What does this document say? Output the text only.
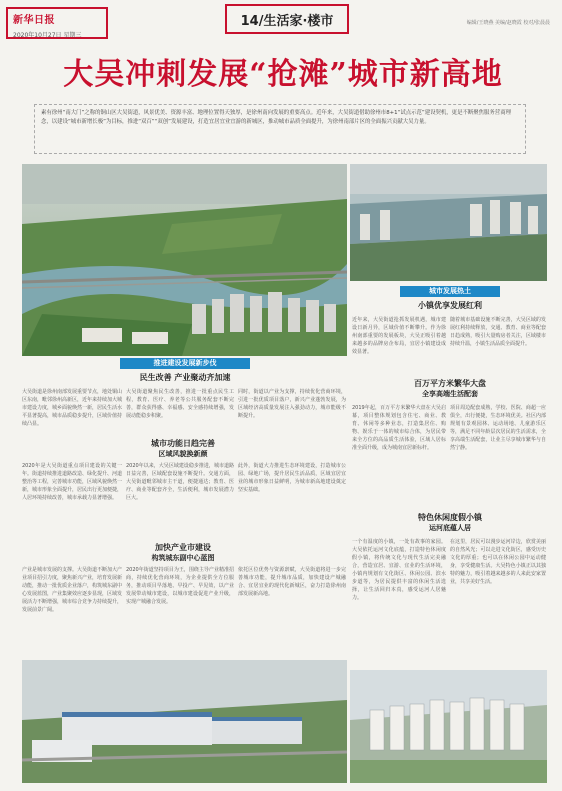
新华日报
2020年10月27日 星期三
14/生活家·楼市	编辑/王晓燕 美编/赵晓霞 校对/张晨晨
大吴冲刺发展“抢滩”城市新高地
素有徐州“南大门”之称的铜山区大吴街道，风景优美、资源丰富、地理位置得天独厚，是徐州南向发展的重要高点。近年来，大吴街道借助徐州市8+1“试点示范”建设契机，更是不断聚焦服务营商理念，以建设“城市新增长极”为目标，推进“双百”“双创”发展建设，打造宜居宜业宜游的新城区，推动城市品质全面提升，为徐州南部片区的全面振兴贡献大吴力量。
推进建设发展新步伐
民生改善 产业聚动齐加速
大吴街道是徐州南部发展重要节点，地处铜山区东南，毗邻徐州高新区，近年来持续加大城市建设力度，城乡面貌焕然一新，居民生活水平显著提高，城市品质稳步提升，区域价值持续凸显。
大吴街道聚焦民生改善，推进一批重点民生工程，教育、医疗、养老等公共服务配套不断完善，群众获得感、幸福感、安全感持续增强，发展动能稳步积聚。
同时，街道以产业为支撑，持续优化营商环境，引进一批优质项目落户，新兴产业蓬勃发展，为区域经济高质量发展注入强劲动力，城市能级不断提升。
城市功能日趋完善
区域风貌换新颜
2020年是大吴街道重点项目建设的关键一年。街道持续推进道路改造、绿化提升、河道整治等工程，完善城市功能，区域风貌焕然一新，城市形象全面提升，居民出行更加便捷，人居环境持续改善，城市承载力显著增强。
2020年以来，大吴区域建设稳步推进，城市道路日益完善，区域配套设施不断提升。交通方面，大吴街道毗邻城市主干道，便捷通达；教育、医疗、商业等配套齐全，生活便利，城市发展潜力巨大。
此外，街道大力推进生态环境建设，打造城市公园、绿地广场，提升居民生活品质，区域宜居宜业的城市形象日益鲜明，为城市新高地建设奠定坚实基础。
加快产业市建设
构筑城东副中心蓝图
产业是城市发展的支撑。大吴街道不断加大产业项目招引力度，聚焦新兴产业，培育发展新动能，推动一批优质企业落户，构筑城东副中心发展蓝图，产业集聚效应逐步显现，区域发展活力不断增强，城市综合竞争力持续提升，发展前景广阔。
2020年街道坚持项目为王，围绕主导产业精准招商，持续优化营商环境，为企业提供全方位服务，推动项目早落地、早投产、早见效，以产业发展带动城市建设，以城市建设促进产业升级，实现产城融合发展。
依托区位优势与资源禀赋，大吴街道将进一步完善城市功能，提升城市品质，加快建设产城融合、宜居宜业的现代化新城区，奋力打造徐州南部发展新高地。
城市发展热土
小镇优享发展红利
近年来，大吴街道抢抓发展机遇，城市建设日新月异，区域价值不断攀升。作为徐州南部重要的发展板块，大吴正吸引着越来越多的品牌房企布局，宜居小镇建设成效显著。
随着城市基础设施不断完善，大吴区域的发展红利持续释放，交通、教育、商业等配套日趋成熟，吸引大量购房者关注，区域楼市持续升温，小镇生活品质全面提升。
百万平方米繁华大盘
全享高端生活配套
2019年起，百万平方米繁华大盘在大吴启幕，项目整体规划包含住宅、商业、教育、休闲等多种业态，打造集居住、购物、娱乐于一体的城市综合体，为居民带来全方位的高品质生活体验，区域人居标准全面升级，成为城南宜居新标杆。
项目周边配套成熟，学校、医院、商超一应俱全，出行便捷，生态环境优美。社区内部规划有景观园林、运动场地、儿童游乐区等，满足不同年龄层次居民的生活需求，全享高端生活配套，让业主尽享城市繁华与自然宁静。
特色休闲度假小镇
运河底蕴人居
一个有温度的小镇，一处有故事的家园。大吴依托运河文化底蕴，打造特色休闲度假小镇，将传统文化与现代生活完美融合，营造宜居、宜游、宜业的生活环境，小镇内规划有文化街区、休闲公园、滨水步道等，为居民提供丰富的休闲生活选择，让生活回归本真，感受运河人居魅力。
在这里，居民可以漫步运河岸边，欣赏美丽的自然风光；可以走进文化街区，感受历史文化的厚重；也可以在休闲公园中运动健身，享受健康生活。大吴特色小镇正以其独特的魅力，吸引着越来越多的人来此安家置业，共享美好生活。
